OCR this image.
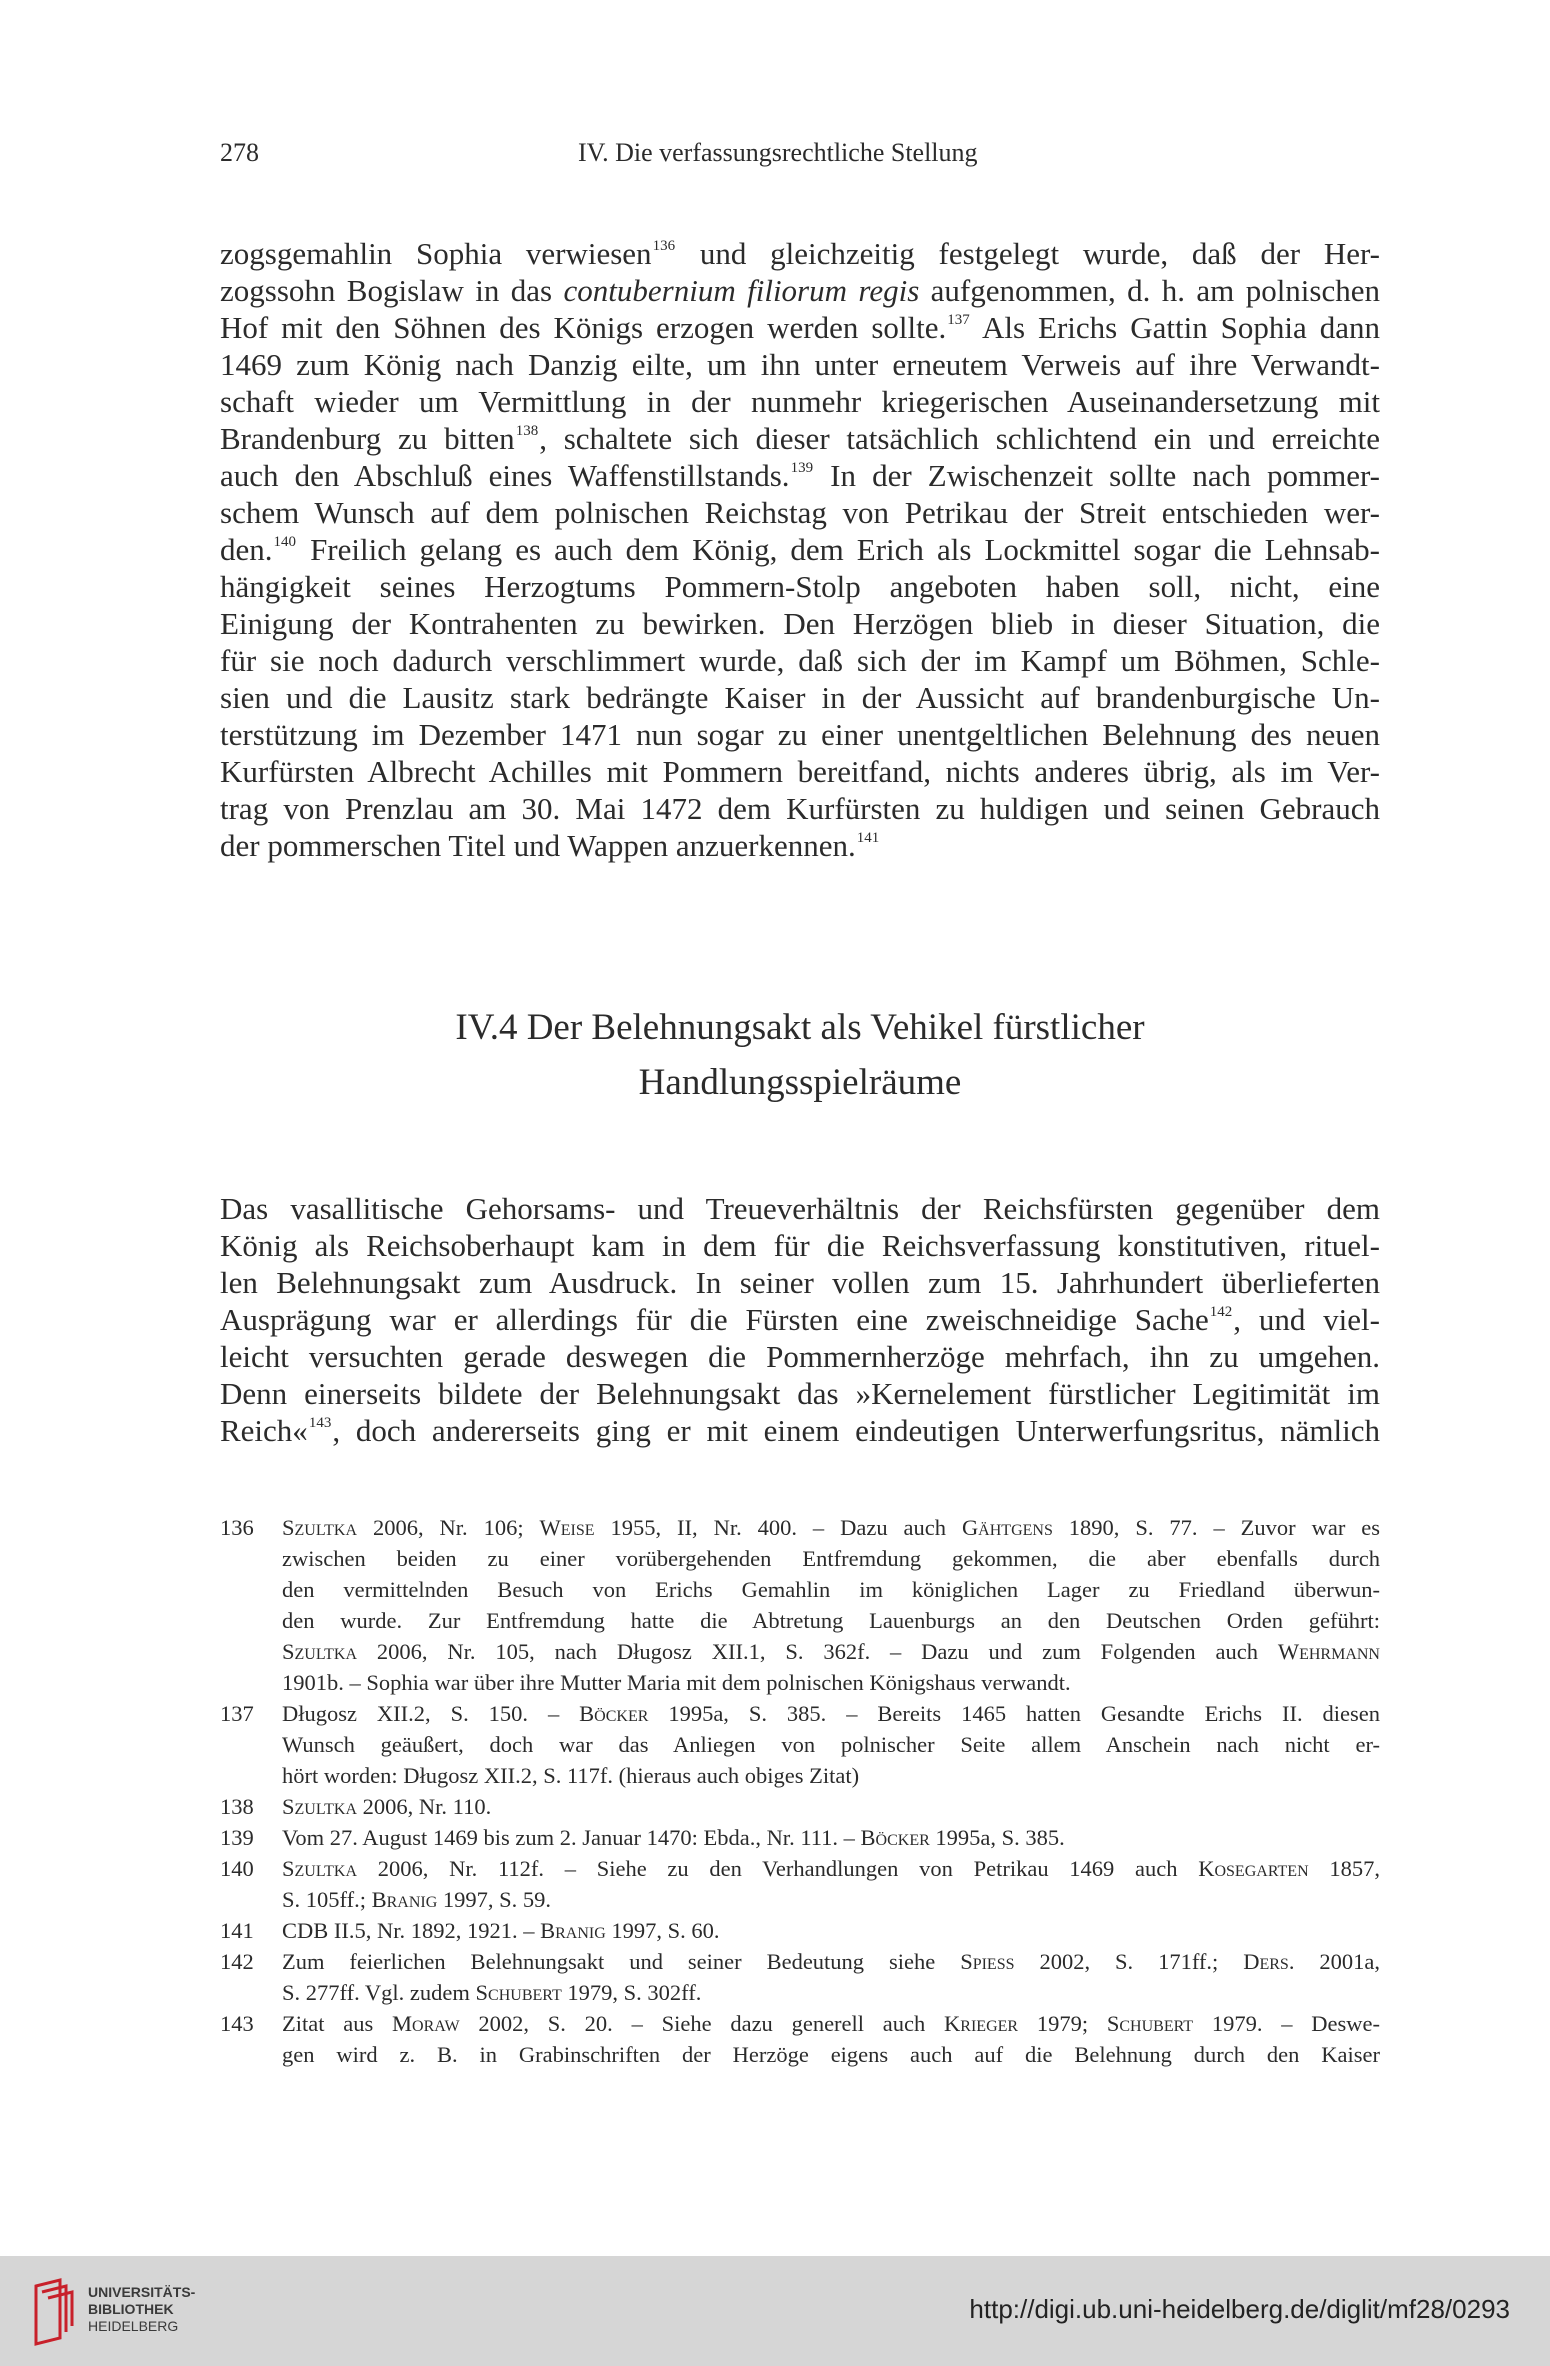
278	IV. Die verfassungsrechtliche Stellung
zogsgemahlin Sophia verwiesen$^{136}$ und gleichzeitig festgelegt wurde, daß der Her-
zogssohn Bogislaw in das contubernium filiorum regis aufgenommen, d. h. am polnischen
Hof mit den Söhnen des Königs erzogen werden sollte.$^{137}$ Als Erichs Gattin Sophia dann
1469 zum König nach Danzig eilte, um ihn unter erneutem Verweis auf ihre Verwandt-
schaft wieder um Vermittlung in der nunmehr kriegerischen Auseinandersetzung mit
Brandenburg zu bitten$^{138}$, schaltete sich dieser tatsächlich schlichtend ein und erreichte
auch den Abschluß eines Waffenstillstands.$^{139}$ In der Zwischenzeit sollte nach pommer-
schem Wunsch auf dem polnischen Reichstag von Petrikau der Streit entschieden wer-
den.$^{140}$ Freilich gelang es auch dem König, dem Erich als Lockmittel sogar die Lehnsab-
hängigkeit seines Herzogtums Pommern-Stolp angeboten haben soll, nicht, eine
Einigung der Kontrahenten zu bewirken. Den Herzögen blieb in dieser Situation, die
für sie noch dadurch verschlimmert wurde, daß sich der im Kampf um Böhmen, Schle-
sien und die Lausitz stark bedrängte Kaiser in der Aussicht auf brandenburgische Un-
terstützung im Dezember 1471 nun sogar zu einer unentgeltlichen Belehnung des neuen
Kurfürsten Albrecht Achilles mit Pommern bereitfand, nichts anderes übrig, als im Ver-
trag von Prenzlau am 30. Mai 1472 dem Kurfürsten zu huldigen und seinen Gebrauch
der pommerschen Titel und Wappen anzuerkennen.$^{141}$
IV.4 Der Belehnungsakt als Vehikel fürstlicher
Handlungsspielräume
Das vasallitische Gehorsams- und Treueverhältnis der Reichsfürsten gegenüber dem
König als Reichsoberhaupt kam in dem für die Reichsverfassung konstitutiven, rituel-
len Belehnungsakt zum Ausdruck. In seiner vollen zum 15. Jahrhundert überlieferten
Ausprägung war er allerdings für die Fürsten eine zweischneidige Sache$^{142}$, und viel-
leicht versuchten gerade deswegen die Pommernherzöge mehrfach, ihn zu umgehen.
Denn einerseits bildete der Belehnungsakt das »Kernelement fürstlicher Legitimität im
Reich«$^{143}$, doch andererseits ging er mit einem eindeutigen Unterwerfungsritus, nämlich
136 Szultka 2006, Nr. 106; Weise 1955, II, Nr. 400. – Dazu auch Gähtgens 1890, S. 77. – Zuvor war es
zwischen beiden zu einer vorübergehenden Entfremdung gekommen, die aber ebenfalls durch
den vermittelnden Besuch von Erichs Gemahlin im königlichen Lager zu Friedland überwun-
den wurde. Zur Entfremdung hatte die Abtretung Lauenburgs an den Deutschen Orden geführt:
Szultka 2006, Nr. 105, nach Długosz XII.1, S. 362f. – Dazu und zum Folgenden auch Wehrmann
1901b. – Sophia war über ihre Mutter Maria mit dem polnischen Königshaus verwandt.
137 Długosz XII.2, S. 150. – Böcker 1995a, S. 385. – Bereits 1465 hatten Gesandte Erichs II. diesen
Wunsch geäußert, doch war das Anliegen von polnischer Seite allem Anschein nach nicht er-
hört worden: Długosz XII.2, S. 117f. (hieraus auch obiges Zitat)
138 Szultka 2006, Nr. 110.
139 Vom 27. August 1469 bis zum 2. Januar 1470: Ebda., Nr. 111. – Böcker 1995a, S. 385.
140 Szultka 2006, Nr. 112f. – Siehe zu den Verhandlungen von Petrikau 1469 auch Kosegarten 1857,
S. 105ff.; Branig 1997, S. 59.
141 CDB II.5, Nr. 1892, 1921. – Branig 1997, S. 60.
142 Zum feierlichen Belehnungsakt und seiner Bedeutung siehe Spiess 2002, S. 171ff.; Ders. 2001a,
S. 277ff. Vgl. zudem Schubert 1979, S. 302ff.
143 Zitat aus Moraw 2002, S. 20. – Siehe dazu generell auch Krieger 1979; Schubert 1979. – Deswe-
gen wird z. B. in Grabinschriften der Herzöge eigens auch auf die Belehnung durch den Kaiser
UNIVERSITÄTS-
BIBLIOTHEK
HEIDELBERG
http://digi.ub.uni-heidelberg.de/diglit/mf28/0293
